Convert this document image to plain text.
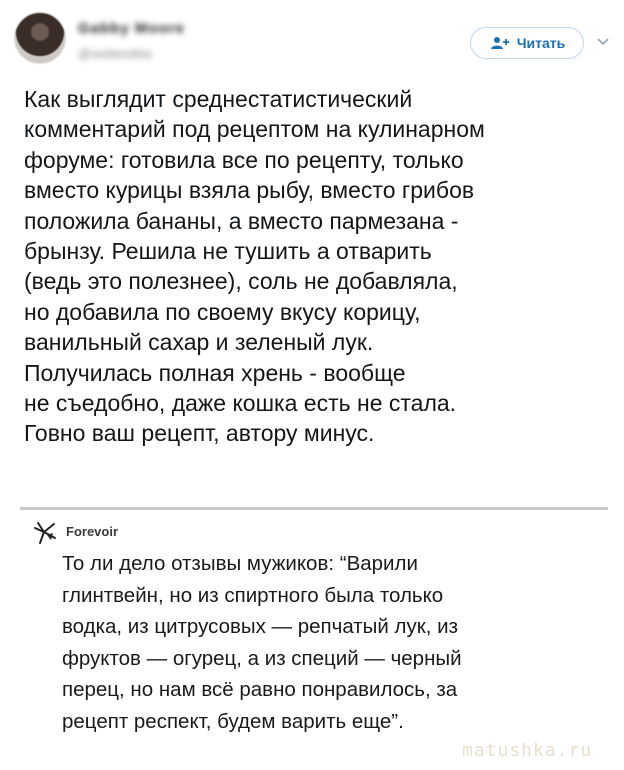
Gabby Moore
@sodanobia
Читать
Как выглядит среднестатистический
комментарий под рецептом на кулинарном
форуме: готовила все по рецепту, только
вместо курицы взяла рыбу, вместо грибов
положила бананы, а вместо пармезана -
брынзу. Решила не тушить а отварить
(ведь это полезнее), соль не добавляла,
но добавила по своему вкусу корицу,
ванильный сахар и зеленый лук.
Получилась полная хрень - вообще
не съедобно, даже кошка есть не стала.
Говно ваш рецепт, автору минус.
Forevoir
То ли дело отзывы мужиков: “Варили
глинтвейн, но из спиртного была только
водка, из цитрусовых — репчатый лук, из
фруктов — огурец, а из специй — черный
перец, но нам всё равно понравилось, за
рецепт респект, будем варить еще”.
matushka.ru
